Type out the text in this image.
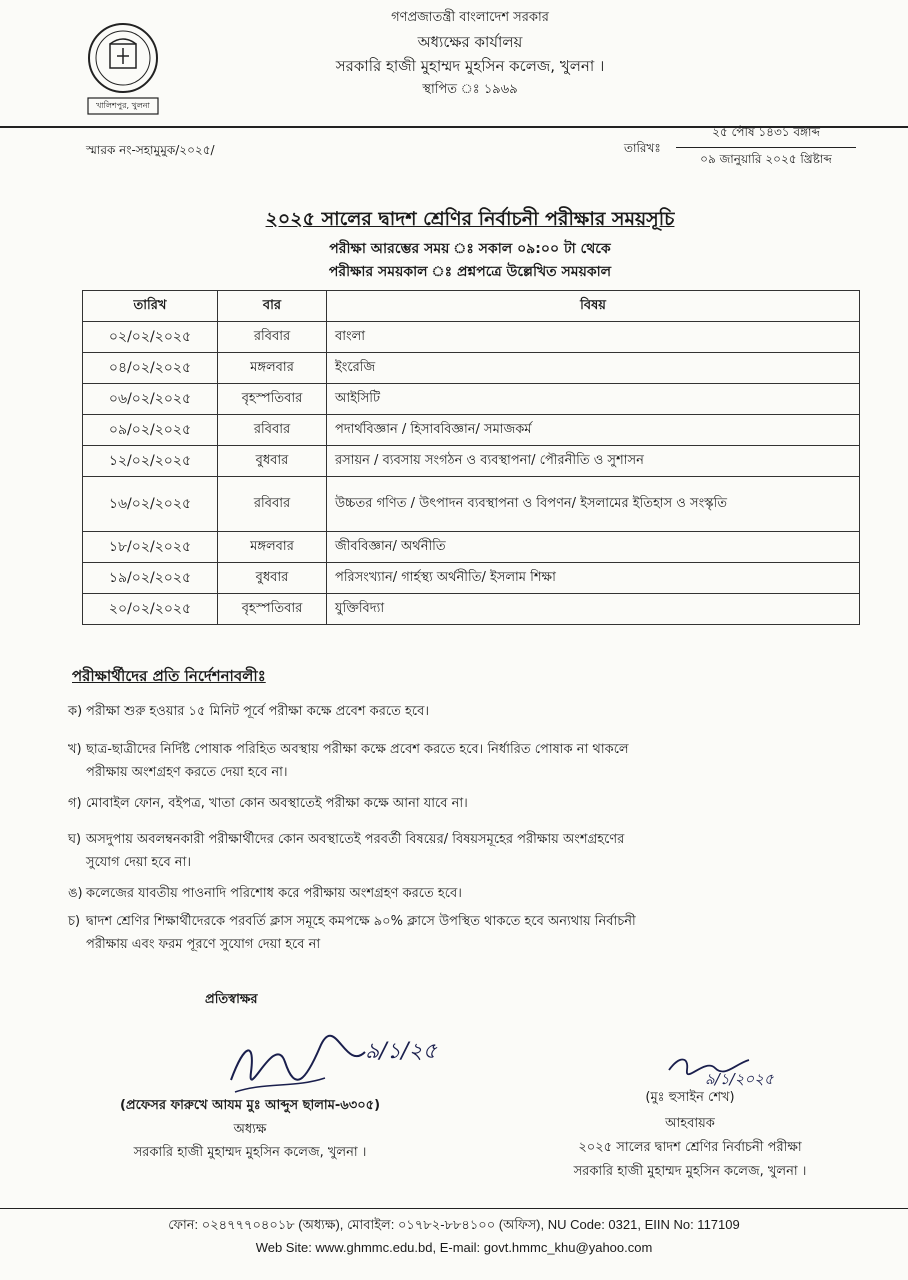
খালিশপুর, খুলনা
গণপ্রজাতন্ত্রী বাংলাদেশ সরকার
অধ্যক্ষের কার্যালয়
সরকারি হাজী মুহাম্মদ মুহসিন কলেজ, খুলনা ।
স্থাপিত ঃ ১৯৬৯
স্মারক নং-সহামুমুক/২০২৫/	তারিখঃ
২৫ পৌষ ১৪৩১ বঙ্গাব্দ
০৯ জানুয়ারি ২০২৫ খ্রিষ্টাব্দ
২০২৫ সালের দ্বাদশ শ্রেণির নির্বাচনী পরীক্ষার সময়সূচি
পরীক্ষা আরম্ভের সময় ঃ সকাল ০৯:০০ টা থেকে
পরীক্ষার সময়কাল ঃ প্রশ্নপত্রে উল্লেখিত সময়কাল
তারিখ	বার	বিষয়
০২/০২/২০২৫	রবিবার	বাংলা
০৪/০২/২০২৫	মঙ্গলবার	ইংরেজি
০৬/০২/২০২৫	বৃহস্পতিবার	আইসিটি
০৯/০২/২০২৫	রবিবার	পদার্থবিজ্ঞান / হিসাববিজ্ঞান/ সমাজকর্ম
১২/০২/২০২৫	বুধবার	রসায়ন / ব্যবসায় সংগঠন ও ব্যবস্থাপনা/ পৌরনীতি ও সুশাসন
১৬/০২/২০২৫	রবিবার	উচ্চতর গণিত / উৎপাদন ব্যবস্থাপনা ও বিপণন/ ইসলামের ইতিহাস ও সংস্কৃতি
১৮/০২/২০২৫	মঙ্গলবার	জীববিজ্ঞান/ অর্থনীতি
১৯/০২/২০২৫	বুধবার	পরিসংখ্যান/ গার্হস্থ্য অর্থনীতি/ ইসলাম শিক্ষা
২০/০২/২০২৫	বৃহস্পতিবার	যুক্তিবিদ্যা
পরীক্ষার্থীদের প্রতি নির্দেশনাবলীঃ
ক) পরীক্ষা শুরু হওয়ার ১৫ মিনিট পূর্বে পরীক্ষা কক্ষে প্রবেশ করতে হবে।
খ) ছাত্র-ছাত্রীদের নির্দিষ্ট পোষাক পরিহিত অবস্থায় পরীক্ষা কক্ষে প্রবেশ করতে হবে। নির্ধারিত পোষাক না থাকলে
পরীক্ষায় অংশগ্রহণ করতে দেয়া হবে না।
গ) মোবাইল ফোন, বইপত্র, খাতা কোন অবস্থাতেই পরীক্ষা কক্ষে আনা যাবে না।
ঘ) অসদুপায় অবলম্বনকারী পরীক্ষার্থীদের কোন অবস্থাতেই পরবর্তী বিষয়ের/ বিষয়সমূহের পরীক্ষায় অংশগ্রহণের
সুযোগ দেয়া হবে না।
ঙ) কলেজের যাবতীয় পাওনাদি পরিশোধ করে পরীক্ষায় অংশগ্রহণ করতে হবে।
চ) দ্বাদশ শ্রেণির শিক্ষার্থীদেরকে পরবর্তি ক্লাস সমূহে কমপক্ষে ৯০% ক্লাসে উপস্থিত থাকতে হবে অন্যথায় নির্বাচনী
পরীক্ষায় এবং ফরম পূরণে সুযোগ দেয়া হবে না
প্রতিস্বাক্ষর
৯/১/২৫
৯/১/২০২৫
(প্রফেসর ফারুখে আযম মুঃ আব্দুস ছালাম-৬৩০৫)
অধ্যক্ষ
সরকারি হাজী মুহাম্মদ মুহসিন কলেজ, খুলনা ।
(মুঃ হুসাইন শেখ)
আহবায়ক
২০২৫ সালের দ্বাদশ শ্রেণির নির্বাচনী পরীক্ষা
সরকারি হাজী মুহাম্মদ মুহসিন কলেজ, খুলনা ।
ফোন: ০২৪৭৭৭০৪০১৮ (অধ্যক্ষ), মোবাইল: ০১৭৮২-৮৮৪১০০ (অফিস), NU Code: 0321, EIIN No: 117109
Web Site: www.ghmmc.edu.bd, E-mail: govt.hmmc_khu@yahoo.com
